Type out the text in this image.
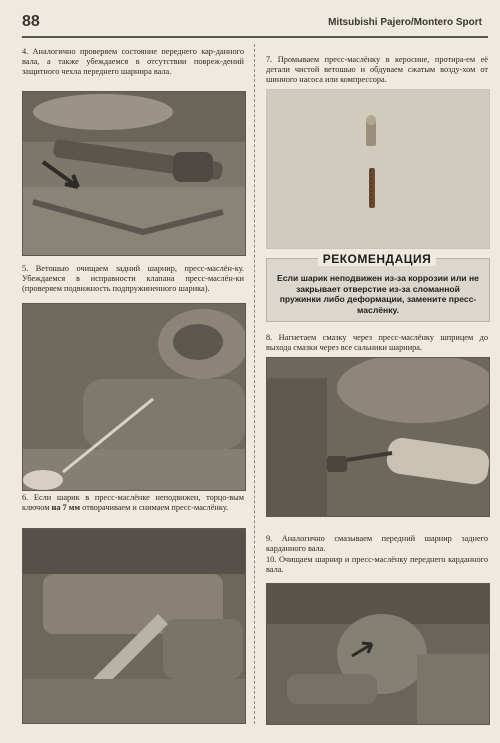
88	Mitsubishi Pajero/Montero Sport
4. Аналогично проверяем состояние переднего кар-данного вала, а также убеждаемся в отсутствии повреж-дений защитного чехла переднего шарнира вала.
5. Ветошью очищаем задний шарнир, пресс-маслён-ку. Убеждаемся в исправности клапана пресс-маслён-ки (проверяем подвижность подпружиненного шарика).
6. Если шарик в пресс-маслёнке неподвижен, торцо-вым ключом на 7 мм отворачиваем и снимаем пресс-маслёнку.
7. Промываем пресс-маслёнку в керосине, протира-ем её детали чистой ветошью и обдуваем сжатым возду-хом от шинного насоса или компрессора.
РЕКОМЕНДАЦИЯ
Если шарик неподвижен из-за коррозии или не закрывает отверстие из-за сломанной пружинки либо деформации, замените пресс-маслёнку.
8. Нагнетаем смазку через пресс-маслёнку шприцем до выхода смазки через все сальники шарнира.
9. Аналогично смазываем передний шарнир заднего карданного вала.
10. Очищаем шарнир и пресс-маслёнку переднего карданного вала.
